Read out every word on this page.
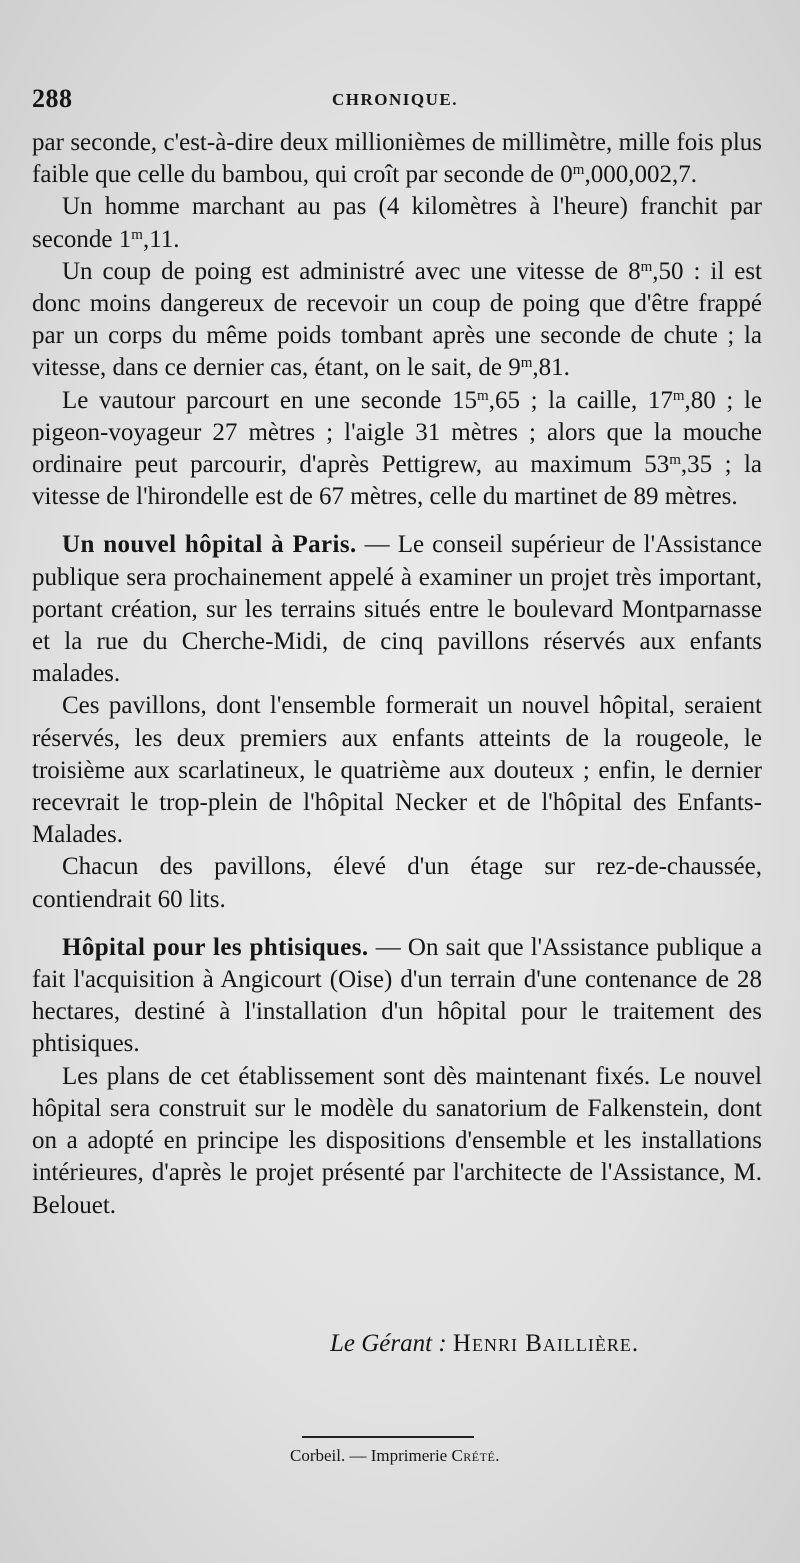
288	CHRONIQUE.

par seconde, c'est-à-dire deux millionièmes de millimètre, mille fois plus faible que celle du bambou, qui croît par seconde de 0$^m$,000,002,7.

Un homme marchant au pas (4 kilomètres à l'heure) franchit par seconde 1$^m$,11.

Un coup de poing est administré avec une vitesse de 8$^m$,50 : il est donc moins dangereux de recevoir un coup de poing que d'être frappé par un corps du même poids tombant après une seconde de chute ; la vitesse, dans ce dernier cas, étant, on le sait, de 9$^m$,81.

Le vautour parcourt en une seconde 15$^m$,65 ; la caille, 17$^m$,80 ; le pigeon-voyageur 27 mètres ; l'aigle 31 mètres ; alors que la mouche ordinaire peut parcourir, d'après Pettigrew, au maximum 53$^m$,35 ; la vitesse de l'hirondelle est de 67 mètres, celle du martinet de 89 mètres.

Un nouvel hôpital à Paris. — Le conseil supérieur de l'Assistance publique sera prochainement appelé à examiner un projet très important, portant création, sur les terrains situés entre le boulevard Montparnasse et la rue du Cherche-Midi, de cinq pavillons réservés aux enfants malades.

Ces pavillons, dont l'ensemble formerait un nouvel hôpital, seraient réservés, les deux premiers aux enfants atteints de la rougeole, le troisième aux scarlatineux, le quatrième aux douteux ; enfin, le dernier recevrait le trop-plein de l'hôpital Necker et de l'hôpital des Enfants-Malades.

Chacun des pavillons, élevé d'un étage sur rez-de-chaussée, contiendrait 60 lits.

Hôpital pour les phtisiques. — On sait que l'Assistance publique a fait l'acquisition à Angicourt (Oise) d'un terrain d'une contenance de 28 hectares, destiné à l'installation d'un hôpital pour le traitement des phtisiques.

Les plans de cet établissement sont dès maintenant fixés. Le nouvel hôpital sera construit sur le modèle du sanatorium de Falkenstein, dont on a adopté en principe les dispositions d'ensemble et les installations intérieures, d'après le projet présenté par l'architecte de l'Assistance, M. Belouet.

Le Gérant : Henri Baillière.
Corbeil. — Imprimerie Crété.
